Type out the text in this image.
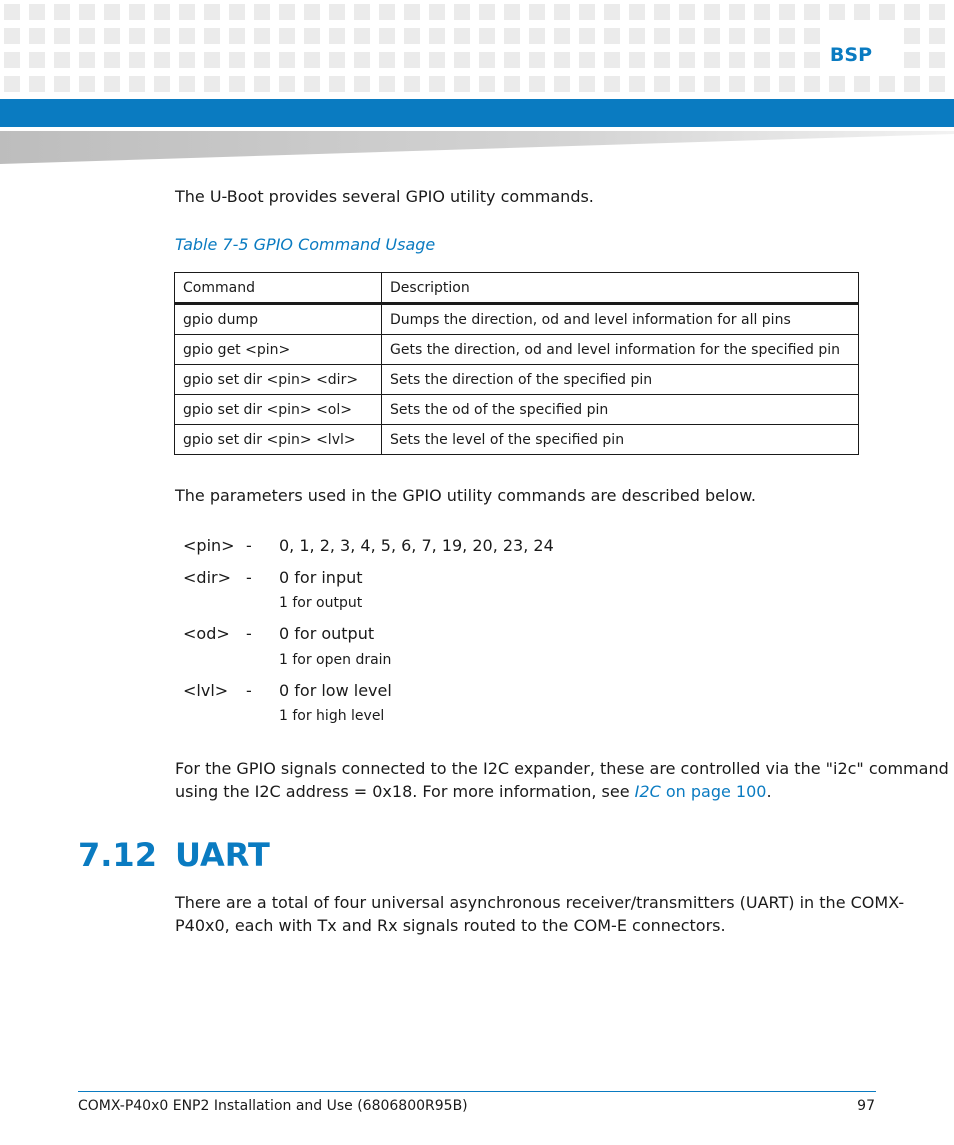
BSP
The U-Boot provides several GPIO utility commands.
Table 7-5 GPIO Command Usage
Command	Description
gpio dump	Dumps the direction, od and level information for all pins
gpio get <pin>	Gets the direction, od and level information for the specified pin
gpio set dir <pin> <dir>	Sets the direction of the specified pin
gpio set dir <pin> <ol>	Sets the od of the specified pin
gpio set dir <pin> <lvl>	Sets the level of the specified pin
The parameters used in the GPIO utility commands are described below.
<pin> - 0, 1, 2, 3, 4, 5, 6, 7, 19, 20, 23, 24
<dir> - 0 for input
1 for output
<od> - 0 for output
1 for open drain
<lvl> - 0 for low level
1 for high level
For the GPIO signals connected to the I2C expander, these are controlled via the "i2c" command
using the I2C address = 0x18. For more information, see I2C on page 100.
7.12 UART
There are a total of four universal asynchronous receiver/transmitters (UART) in the COMX-
P40x0, each with Tx and Rx signals routed to the COM-E connectors.
COMX-P40x0 ENP2 Installation and Use (6806800R95B)	97
